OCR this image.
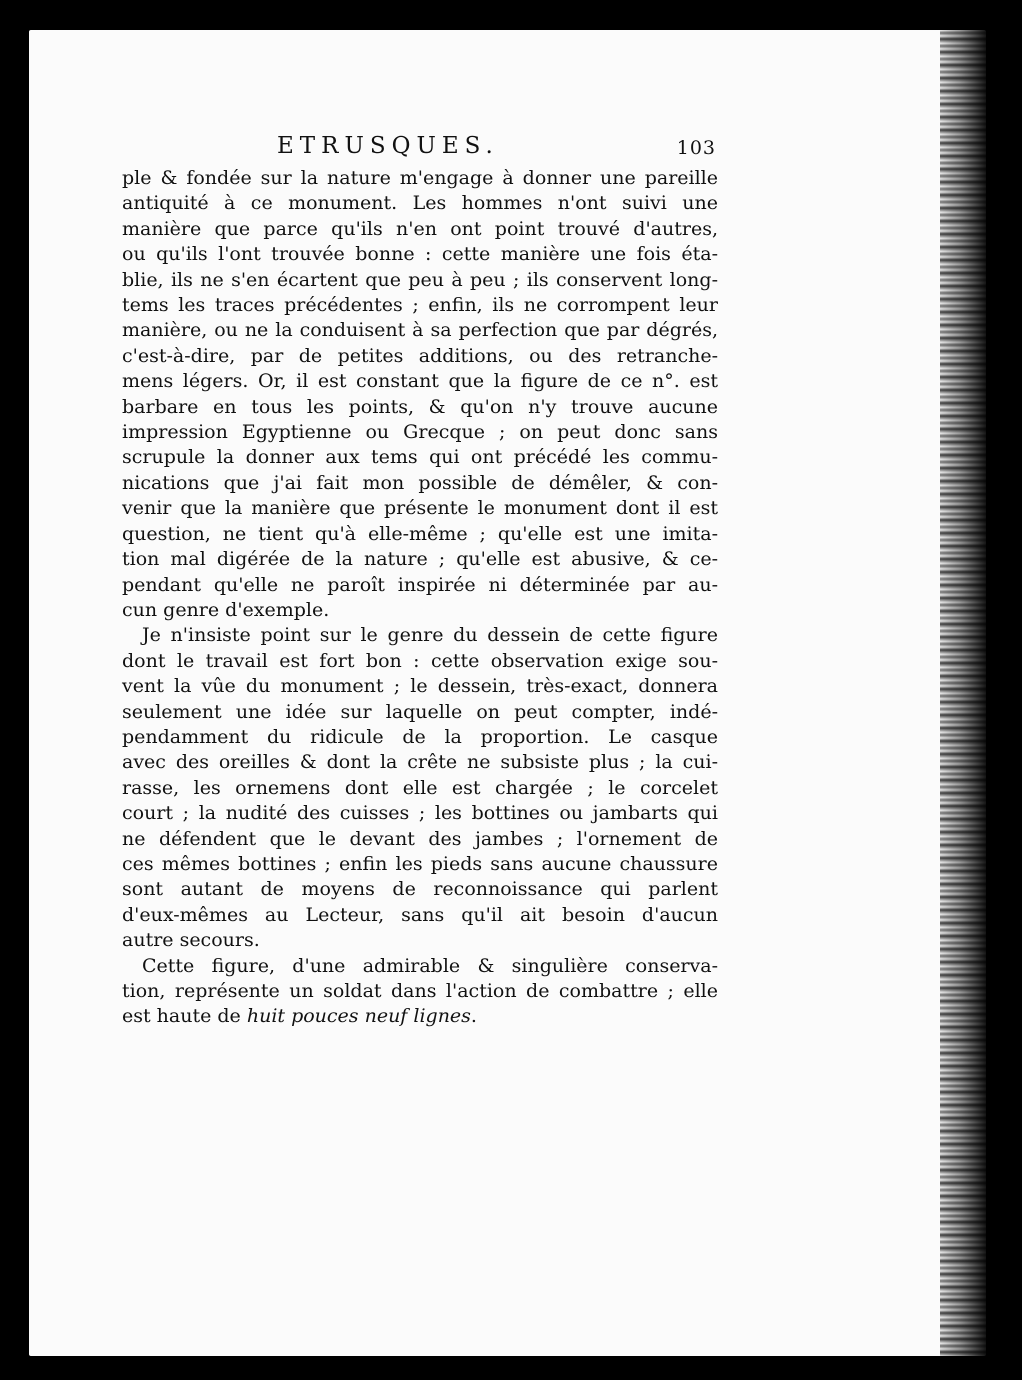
ETRUSQUES.	103
ple & fondée sur la nature m'engage à donner une pareille
antiquité à ce monument. Les hommes n'ont suivi une
manière que parce qu'ils n'en ont point trouvé d'autres,
ou qu'ils l'ont trouvée bonne : cette manière une fois éta-
blie, ils ne s'en écartent que peu à peu ; ils conservent long-
tems les traces précédentes ; enfin, ils ne corrompent leur
manière, ou ne la conduisent à sa perfection que par dégrés,
c'est-à-dire, par de petites additions, ou des retranche-
mens légers. Or, il est constant que la figure de ce n°. est
barbare en tous les points, & qu'on n'y trouve aucune
impression Egyptienne ou Grecque ; on peut donc sans
scrupule la donner aux tems qui ont précédé les commu-
nications que j'ai fait mon possible de démêler, & con-
venir que la manière que présente le monument dont il est
question, ne tient qu'à elle-même ; qu'elle est une imita-
tion mal digérée de la nature ; qu'elle est abusive, & ce-
pendant qu'elle ne paroît inspirée ni déterminée par au-
cun genre d'exemple.
Je n'insiste point sur le genre du dessein de cette figure
dont le travail est fort bon : cette observation exige sou-
vent la vûe du monument ; le dessein, très-exact, donnera
seulement une idée sur laquelle on peut compter, indé-
pendamment du ridicule de la proportion. Le casque
avec des oreilles & dont la crête ne subsiste plus ; la cui-
rasse, les ornemens dont elle est chargée ; le corcelet
court ; la nudité des cuisses ; les bottines ou jambarts qui
ne défendent que le devant des jambes ; l'ornement de
ces mêmes bottines ; enfin les pieds sans aucune chaussure
sont autant de moyens de reconnoissance qui parlent
d'eux-mêmes au Lecteur, sans qu'il ait besoin d'aucun
autre secours.
Cette figure, d'une admirable & singulière conserva-
tion, représente un soldat dans l'action de combattre ; elle
est haute de huit pouces neuf lignes.
